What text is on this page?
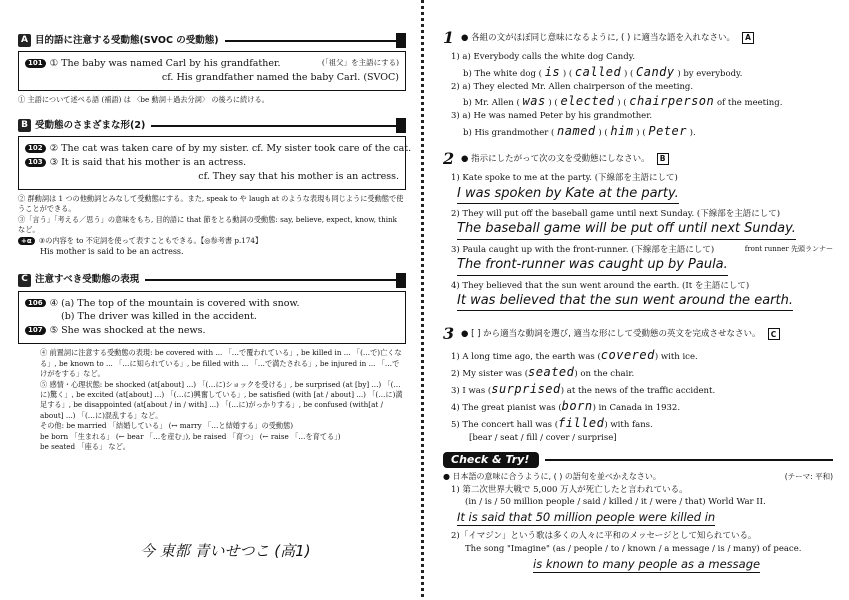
A 目的語に注意する受動態(SVOC の受動態)
101 ① The baby was named Carl by his grandfather.	(「祖父」を主語にする)
cf. His grandfather named the baby Carl. (SVOC)
① 主語について述べる語 (補語) は 〈be 動詞＋過去分詞〉 の後ろに続ける。
B 受動態のさまざまな形(2)
102 ② The cat was taken care of by my sister. cf. My sister took care of the cat.
103 ③ It is said that his mother is an actress.
cf. They say that his mother is an actress.
② 群動詞は 1 つの他動詞とみなして受動態にする。また, speak to や laugh at のような表現も同じように受動態で使うことができる。
③「言う」「考える／思う」の意味をもち, 目的語に that 節をとる動詞の受動態: say, believe, expect, know, think など。
+α ③の内容を to 不定詞を使って表すこともできる。【◎参考書 p.174】
His mother is said to be an actress.
C 注意すべき受動態の表現
106 ④ (a) The top of the mountain is covered with snow.
(b) The driver was killed in the accident.
107 ⑤ She was shocked at the news.
④ 前置詞に注意する受動態の表現: be covered with ... 「…で覆われている」, be killed in ... 「(…で)亡くなる」, be known to ... 「…に知られている」, be filled with ... 「…で満たされる」, be injured in ... 「…でけがをする」など。
⑤ 感情・心理状態: be shocked (at[about] ...) 「(…に)ショックを受ける」, be surprised (at [by] ...) 「(…に)驚く」, be excited (at[about] ...) 「(…に)興奮している」, be satisfied (with [at / about] ...) 「(…に)満足する」, be disappointed (at[about / in / with] ...) 「(…に)がっかりする」, be confused (with[at / about] ...) 「(…に)混乱する」など。
その他: be married 「結婚している」 (↔ marry 「…と結婚する」の受動態)
be born 「生まれる」 (← bear 「…を産む」), be raised 「育つ」 (← raise 「…を育てる」)
be seated 「座る」 など。
今 東都 青いせつこ (高1)
1 ● 各組の文がほぼ同じ意味になるように, ( ) に適当な語を入れなさい。	A
1) a) Everybody calls the white dog Candy.
b) The white dog ( is ) ( called ) ( Candy ) by everybody.
2) a) They elected Mr. Allen chairperson of the meeting.
b) Mr. Allen ( was ) ( elected ) ( chairperson of the meeting.
3) a) He was named Peter by his grandmother.
b) His grandmother ( named ) ( him ) ( Peter ).
2 ● 指示にしたがって次の文を受動態にしなさい。	B
1) Kate spoke to me at the party. (下線部を主語にして)
I was spoken by Kate at the party.
2) They will put off the baseball game until next Sunday. (下線部を主語にして)
The baseball game will be put off until next Sunday.
3) Paula caught up with the front-runner. (下線部を主語にして)	front runner 先頭ランナー
The front-runner was caught up by Paula.
4) They believed that the sun went around the earth. (It を主語にして)
It was believed that the sun went around the earth.
3 ● [ ] から適当な動詞を選び, 適当な形にして受動態の英文を完成させなさい。	C
1) A long time ago, the earth was (covered) with ice.
2) My sister was (seated) on the chair.
3) I was (surprised) at the news of the traffic accident.
4) The great pianist was (born) in Canada in 1932.
5) The concert hall was (filled) with fans.
[bear / seat / fill / cover / surprise]
Check & Try!
● 日本語の意味に合うように, ( ) の語句を並べかえなさい。	(テーマ: 平和)
1) 第二次世界大戦で 5,000 万人が死亡したと言われている。
(in / is / 50 million people / said / killed / it / were / that) World War II.
It is said that 50 million people were killed in
2)「イマジン」という歌は多くの人々に平和のメッセージとして知られている。
The song "Imagine" (as / people / to / known / a message / is / many) of peace.
is known to many people as a message
